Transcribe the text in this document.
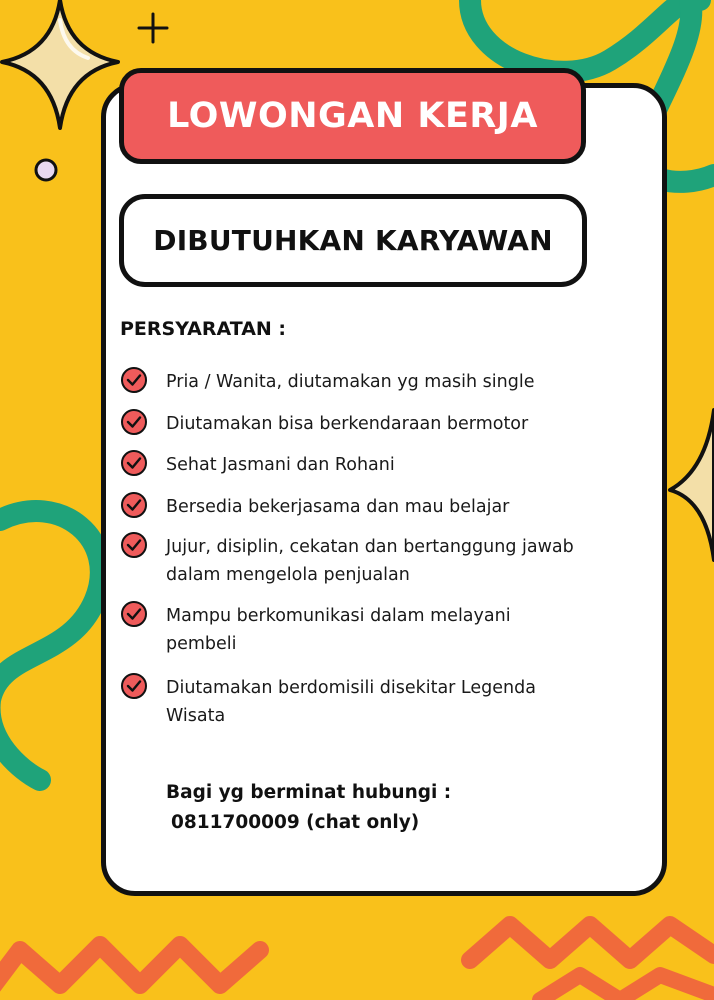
LOWONGAN KERJA
DIBUTUHKAN KARYAWAN
PERSYARATAN :
Pria / Wanita, diutamakan yg masih single
Diutamakan bisa berkendaraan bermotor
Sehat Jasmani dan Rohani
Bersedia bekerjasama dan mau belajar
Jujur, disiplin, cekatan dan bertanggung jawab
dalam mengelola penjualan
Mampu berkomunikasi dalam melayani
pembeli
Diutamakan berdomisili disekitar Legenda
Wisata
Bagi yg berminat hubungi :
0811700009 (chat only)
